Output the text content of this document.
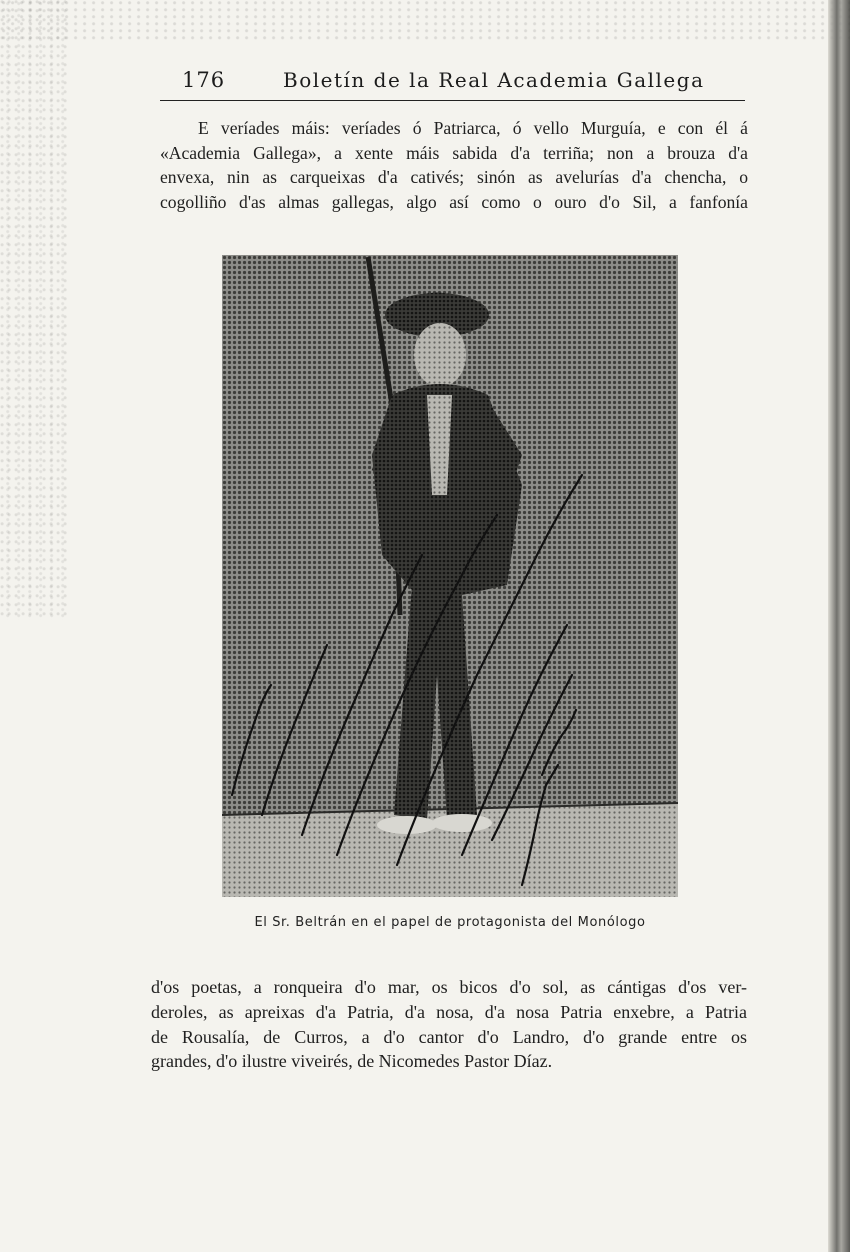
176	Boletín de la Real Academia Gallega
E veríades máis: veríades ó Patriarca, ó vello Murguía, e con él á
«Academia Gallega», a xente máis sabida d'a terriña; non a brouza d'a
envexa, nin as carqueixas d'a cativés; sinón as avelurías d'a chencha, o
cogolliño d'as almas gallegas, algo así como o ouro d'o Sil, a fanfonía
El Sr. Beltrán en el papel de protagonista del Monólogo
d'os poetas, a ronqueira d'o mar, os bicos d'o sol, as cántigas d'os ver-
deroles, as apreixas d'a Patria, d'a nosa, d'a nosa Patria enxebre, a Patria
de Rousalía, de Curros, a d'o cantor d'o Landro, d'o grande entre os
grandes, d'o ilustre viveirés, de Nicomedes Pastor Díaz.
